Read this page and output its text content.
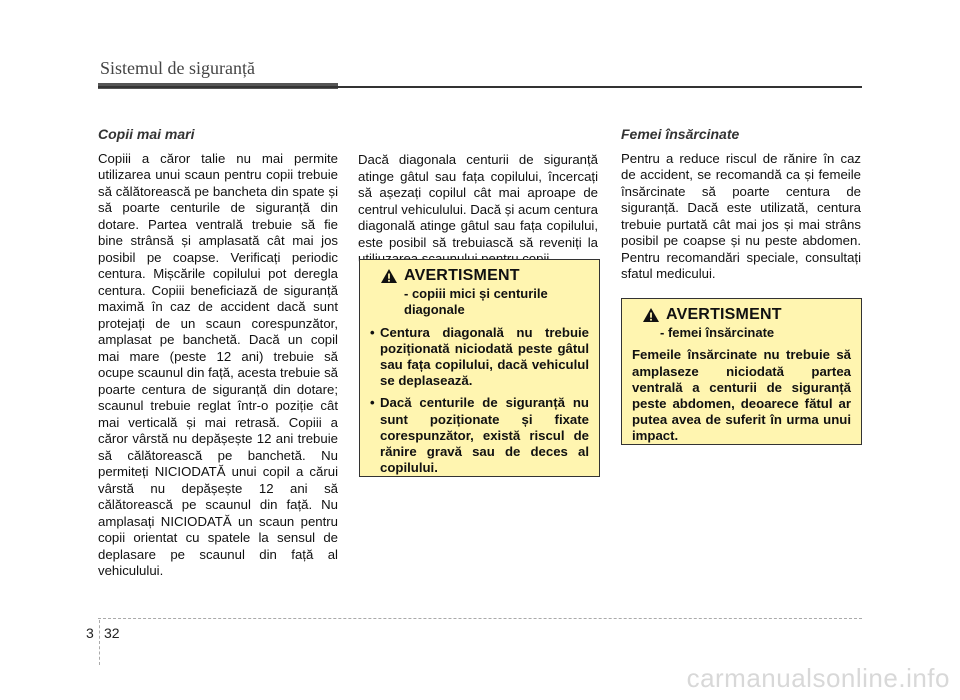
Sistemul de siguranță
Copii mai mari

Copiii a căror talie nu mai permite utilizarea unui scaun pentru copii trebuie să călătorească pe bancheta din spate și să poarte centurile de siguranță din dotare. Partea ventrală trebuie să fie bine strânsă și amplasată cât mai jos posibil pe coapse. Verificați periodic centura. Mișcările copilului pot deregla centura. Copiii beneficiază de siguranță maximă în caz de accident dacă sunt protejați de un scaun corespunzător, amplasat pe banchetă. Dacă un copil mai mare (peste 12 ani) trebuie să ocupe scaunul din față, acesta trebuie să poarte centura de siguranță din dotare; scaunul trebuie reglat într-o poziție cât mai verticală și mai retrasă. Copiii a căror vârstă nu depășește 12 ani trebuie să călătorească pe banchetă. Nu permiteți NICIODATĂ unui copil a cărui vârstă nu depășește 12 ani să călătorească pe scaunul din față. Nu amplasați NICIODATĂ un scaun pentru copii orientat cu spatele la sensul de deplasare pe scaunul din față al vehiculului.

Dacă diagonala centurii de siguranță atinge gâtul sau fața copilului, încercați să așezați copilul cât mai aproape de centrul vehiculului. Dacă și acum centura diagonală atinge gâtul sau fața copilului, este posibil să trebuiască să reveniți la

AVERTISMENT
- copiii mici și centurile diagonale
• Centura diagonală nu trebuie poziționată niciodată peste gâtul sau fața copilului, dacă vehiculul se deplasează.
• Dacă centurile de siguranță nu sunt poziționate și fixate corespunzător, există riscul de rănire gravă sau de deces al copilului.
Femei însărcinate

Pentru a reduce riscul de rănire în caz de accident, se recomandă ca și femeile însărcinate să poarte centura de siguranță. Dacă este utilizată, centura trebuie purtată cât mai jos și mai strâns posibil pe coapse și nu peste abdomen. Pentru recomandări speciale, consultați sfatul medicului.

AVERTISMENT
- femei însărcinate

Femeile însărcinate nu trebuie să amplaseze niciodată partea ventrală a centurii de siguranță peste abdomen, deoarece fătul ar putea avea de suferit în urma unui impact.

3 32
carmanualsonline.info
